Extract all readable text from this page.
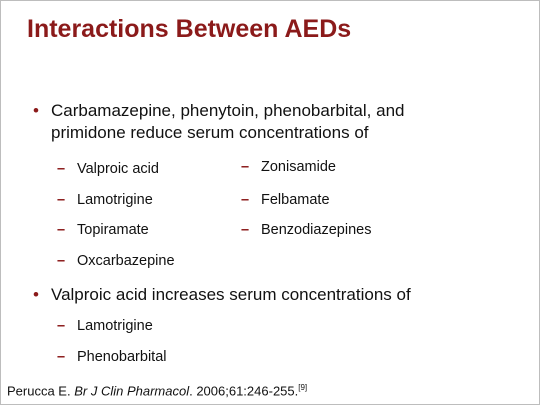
Interactions Between AEDs
• Carbamazepine, phenytoin, phenobarbital, and primidone reduce serum concentrations of
– Valproic acid
– Lamotrigine
– Topiramate
– Oxcarbazepine
– Zonisamide
– Felbamate
– Benzodiazepines
• Valproic acid increases serum concentrations of
– Lamotrigine
– Phenobarbital
Perucca E. Br J Clin Pharmacol. 2006;61:246-255.[9]
